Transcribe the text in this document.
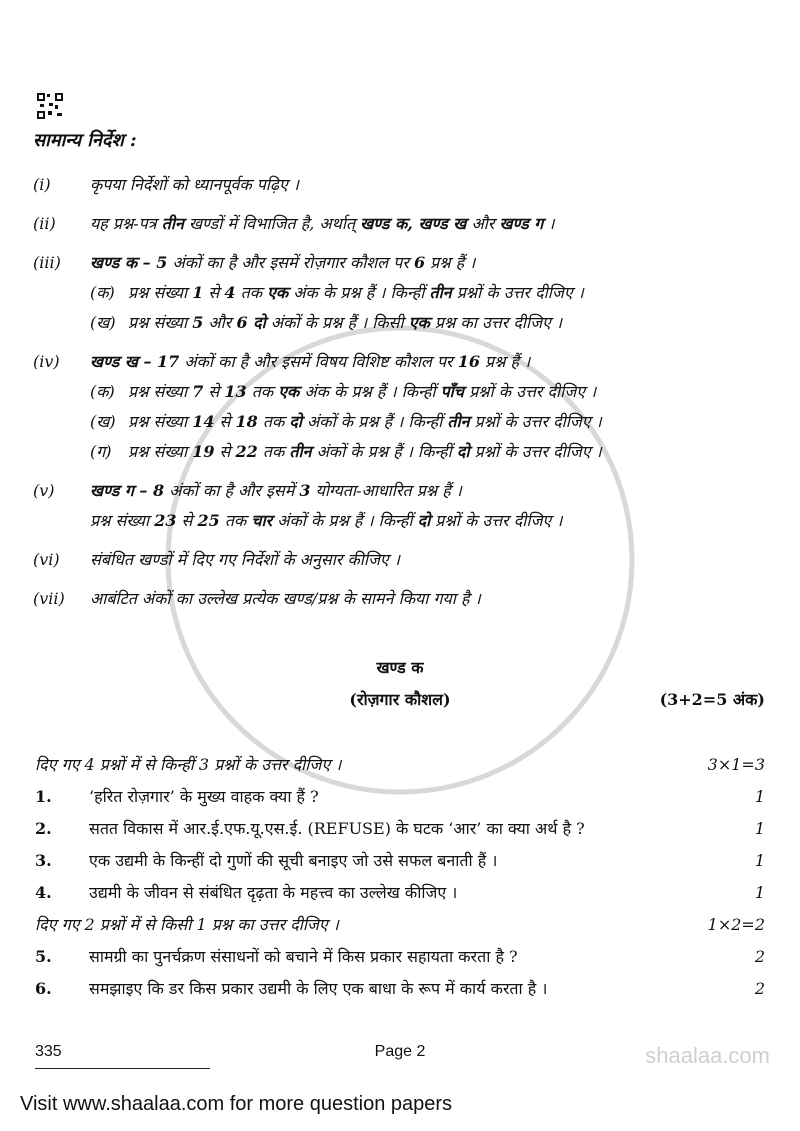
shaalaa.com
सामान्य निर्देश :
(i)	कृपया निर्देशों को ध्यानपूर्वक पढ़िए ।
(ii)	यह प्रश्न-पत्र तीन खण्डों में विभाजित है, अर्थात् खण्ड क, खण्ड ख और खण्ड ग ।
(iii)	खण्ड क – 5 अंकों का है और इसमें रोज़गार कौशल पर 6 प्रश्न हैं ।
(क) प्रश्न संख्या 1 से 4 तक एक अंक के प्रश्न हैं । किन्हीं तीन प्रश्नों के उत्तर दीजिए ।
(ख) प्रश्न संख्या 5 और 6 दो अंकों के प्रश्न हैं । किसी एक प्रश्न का उत्तर दीजिए ।
(iv)	खण्ड ख – 17 अंकों का है और इसमें विषय विशिष्ट कौशल पर 16 प्रश्न हैं ।
(क) प्रश्न संख्या 7 से 13 तक एक अंक के प्रश्न हैं । किन्हीं पाँच प्रश्नों के उत्तर दीजिए ।
(ख) प्रश्न संख्या 14 से 18 तक दो अंकों के प्रश्न हैं । किन्हीं तीन प्रश्नों के उत्तर दीजिए ।
(ग) प्रश्न संख्या 19 से 22 तक तीन अंकों के प्रश्न हैं । किन्हीं दो प्रश्नों के उत्तर दीजिए ।
(v)	खण्ड ग – 8 अंकों का है और इसमें 3 योग्यता-आधारित प्रश्न हैं ।
प्रश्न संख्या 23 से 25 तक चार अंकों के प्रश्न हैं । किन्हीं दो प्रश्नों के उत्तर दीजिए ।
(vi)	संबंधित खण्डों में दिए गए निर्देशों के अनुसार कीजिए ।
(vii)	आबंटित अंकों का उल्लेख प्रत्येक खण्ड/प्रश्न के सामने किया गया है ।
खण्ड क
(रोज़गार कौशल)	(3+2=5 अंक)
दिए गए 4 प्रश्नों में से किन्हीं 3 प्रश्नों के उत्तर दीजिए ।	3×1=3
1.	‘हरित रोज़गार’ के मुख्य वाहक क्या हैं ?	1
2.	सतत विकास में आर.ई.एफ.यू.एस.ई. (REFUSE) के घटक ‘आर’ का क्या अर्थ है ?	1
3.	एक उद्यमी के किन्हीं दो गुणों की सूची बनाइए जो उसे सफल बनाती हैं ।	1
4.	उद्यमी के जीवन से संबंधित दृढ़ता के महत्त्व का उल्लेख कीजिए ।	1
दिए गए 2 प्रश्नों में से किसी 1 प्रश्न का उत्तर दीजिए ।	1×2=2
5.	सामग्री का पुनर्चक्रण संसाधनों को बचाने में किस प्रकार सहायता करता है ?	2
6.	समझाइए कि डर किस प्रकार उद्यमी के लिए एक बाधा के रूप में कार्य करता है ।	2
335	Page 2
Visit www.shaalaa.com for more question papers
